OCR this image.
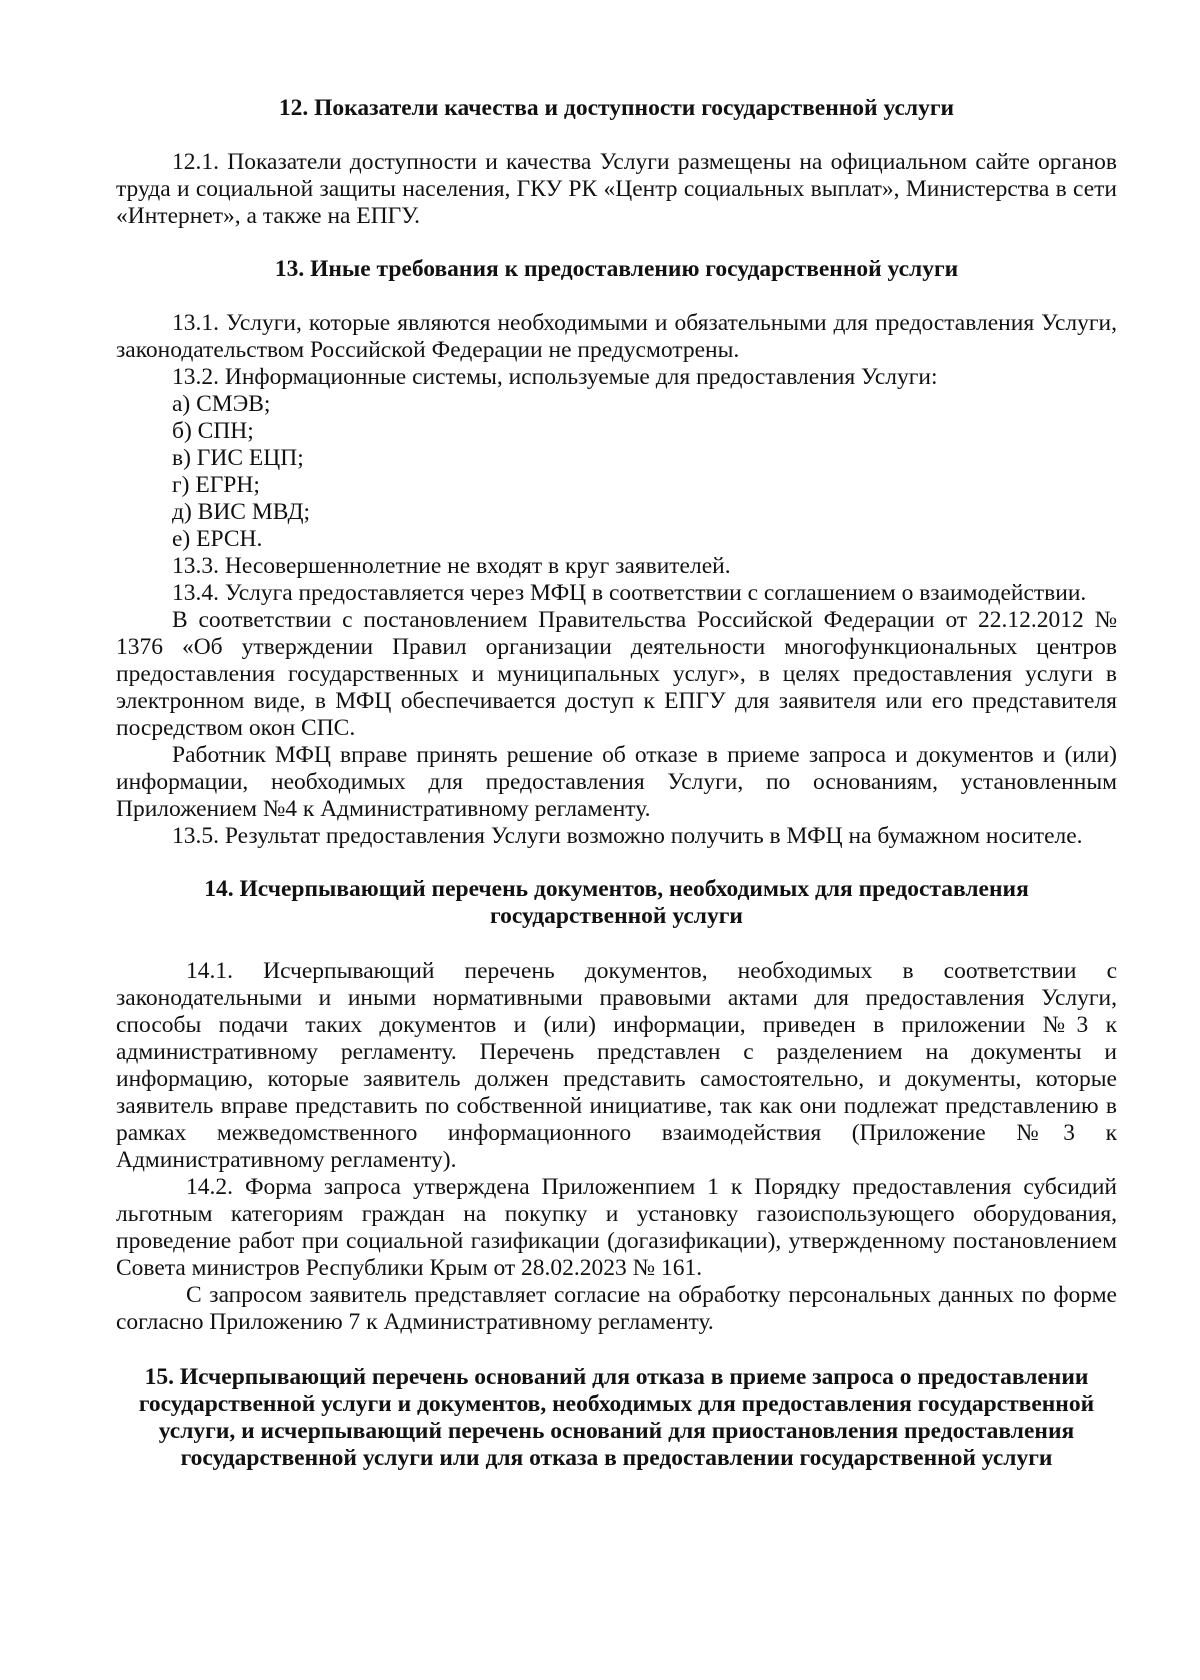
12. Показатели качества и доступности государственной услуги

12.1. Показатели доступности и качества Услуги размещены на официальном сайте органов труда и социальной защиты населения, ГКУ РК «Центр социальных выплат», Министерства в сети «Интернет», а также на ЕПГУ.

13. Иные требования к предоставлению государственной услуги

13.1. Услуги, которые являются необходимыми и обязательными для предоставления Услуги, законодательством Российской Федерации не предусмотрены.

13.2. Информационные системы, используемые для предоставления Услуги:

а) СМЭВ;

б) СПН;

в) ГИС ЕЦП;

г) ЕГРН;

д) ВИС МВД;

е) ЕРСН.

13.3. Несовершеннолетние не входят в круг заявителей.

13.4. Услуга предоставляется через МФЦ в соответствии с соглашением о взаимодействии.

В соответствии с постановлением Правительства Российской Федерации от 22.12.2012 № 1376 «Об утверждении Правил организации деятельности многофункциональных центров предоставления государственных и муниципальных услуг», в целях предоставления услуги в электронном виде, в МФЦ обеспечивается доступ к ЕПГУ для заявителя или его представителя посредством окон СПС.

Работник МФЦ вправе принять решение об отказе в приеме запроса и документов и (или) информации, необходимых для предоставления Услуги, по основаниям, установленным Приложением №4 к Административному регламенту.

13.5. Результат предоставления Услуги возможно получить в МФЦ на бумажном носителе.

14. Исчерпывающий перечень документов, необходимых для предоставления государственной услуги

14.1. Исчерпывающий перечень документов, необходимых в соответствии с законодательными и иными нормативными правовыми актами для предоставления Услуги, способы подачи таких документов и (или) информации, приведен в приложении №3 к административному регламенту. Перечень представлен с разделением на документы и информацию, которые заявитель должен представить самостоятельно, и документы, которые заявитель вправе представить по собственной инициативе, так как они подлежат представлению в рамках межведомственного информационного взаимодействия (Приложение №3 к Административному регламенту).

14.2. Форма запроса утверждена Приложенпием 1 к Порядку предоставления субсидий льготным категориям граждан на покупку и установку газоиспользующего оборудования, проведение работ при социальной газификации (догазификации), утвержденному постановлением Совета министров Республики Крым от 28.02.2023 № 161.

С запросом заявитель представляет согласие на обработку персональных данных по форме согласно Приложению 7 к Административному регламенту.

15. Исчерпывающий перечень оснований для отказа в приеме запроса о предоставлении государственной услуги и документов, необходимых для предоставления государственной услуги, и исчерпывающий перечень оснований для приостановления предоставления государственной услуги или для отказа в предоставлении государственной услуги
